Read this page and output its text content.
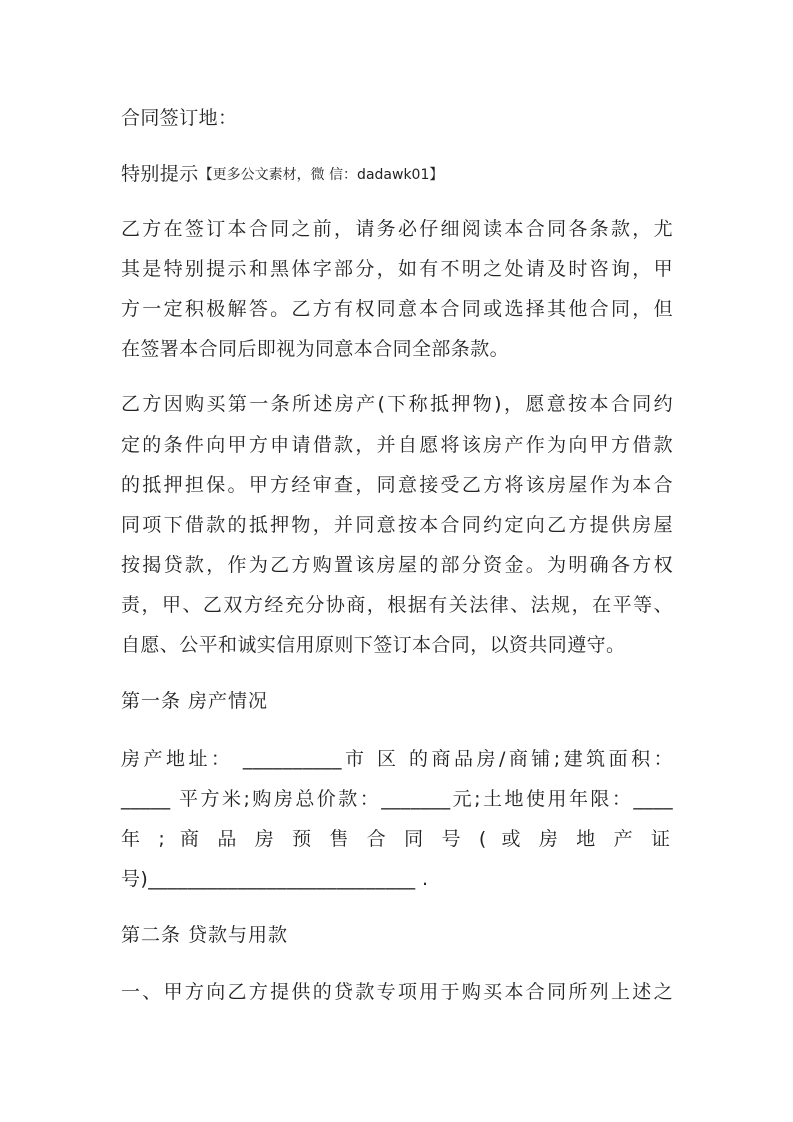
合同签订地：
特别提示【更多公文素材，微 信：dadawk01】
乙方在签订本合同之前，请务必仔细阅读本合同各条款，尤
其是特别提示和黑体字部分，如有不明之处请及时咨询，甲
方一定积极解答。乙方有权同意本合同或选择其他合同，但
在签署本合同后即视为同意本合同全部条款。
乙方因购买第一条所述房产(下称抵押物)，愿意按本合同约
定的条件向甲方申请借款，并自愿将该房产作为向甲方借款
的抵押担保。甲方经审查，同意接受乙方将该房屋作为本合
同项下借款的抵押物，并同意按本合同约定向乙方提供房屋
按揭贷款，作为乙方购置该房屋的部分资金。为明确各方权
责，甲、乙双方经充分协商，根据有关法律、法规，在平等、
自愿、公平和诚实信用原则下签订本合同，以资共同遵守。
第一条 房产情况
房产地址： __________市 区 的商品房/商铺;建筑面积：
_____ 平方米;购房总价款：_______元;土地使用年限：____
年 ; 商 品 房 预 售 合 同 号 ( 或 房 地 产 证
号)___________________________ .
第二条 贷款与用款
一、甲方向乙方提供的贷款专项用于购买本合同所列上述之
